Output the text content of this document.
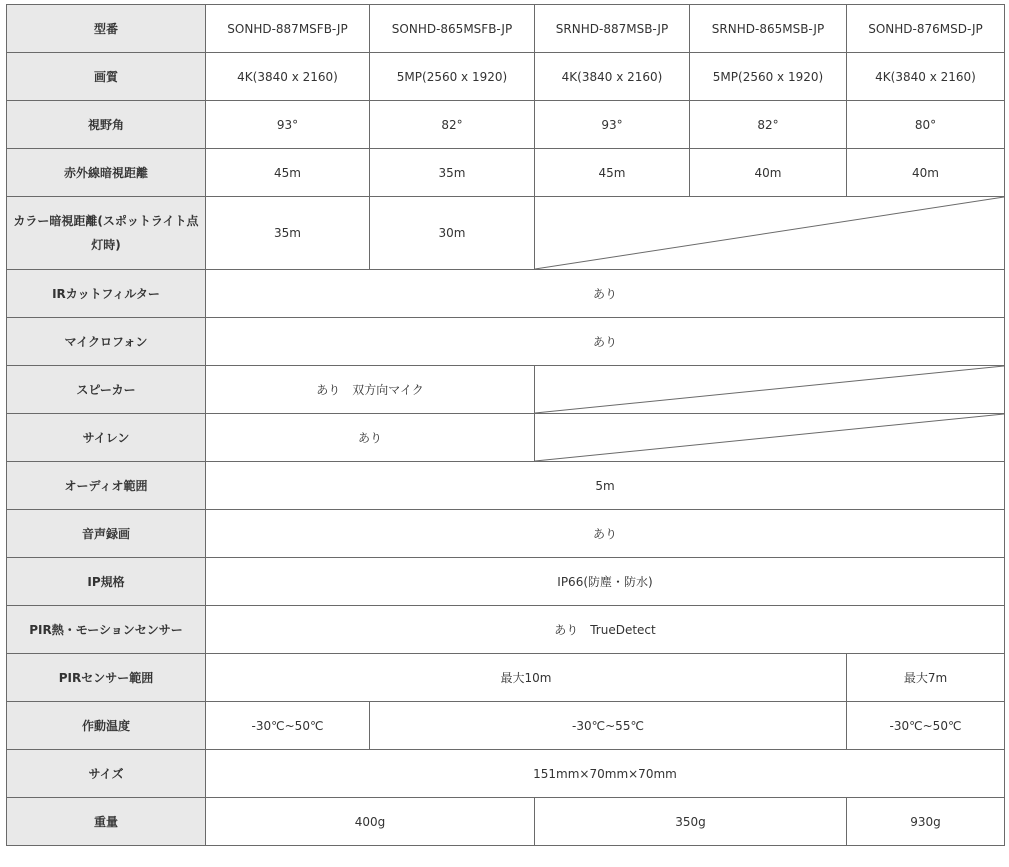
型番	SONHD-887MSFB-JP	SONHD-865MSFB-JP	SRNHD-887MSB-JP	SRNHD-865MSB-JP	SONHD-876MSD-JP
画質	4K(3840 x 2160)	5MP(2560 x 1920)	4K(3840 x 2160)	5MP(2560 x 1920)	4K(3840 x 2160)
視野角	93°	82°	93°	82°	80°
赤外線暗視距離	45m	35m	45m	40m	40m
カラー暗視距離(スポットライト点灯時)	35m	30m	

IRカットフィルター	あり				
マイクロフォン	あり				
スピーカー	あり　双方向マイク	

サイレン	あり	

オーディオ範囲	5m				
音声録画	あり				
IP規格	IP66(防塵・防水)				
PIR熱・モーションセンサー	あり　TrueDetect				
PIRセンサー範囲	最大10m				最大7m
作動温度	-30℃~50℃	-30℃~55℃			-30℃~50℃
サイズ	151mm×70mm×70mm				
重量	400g		350g		930g
